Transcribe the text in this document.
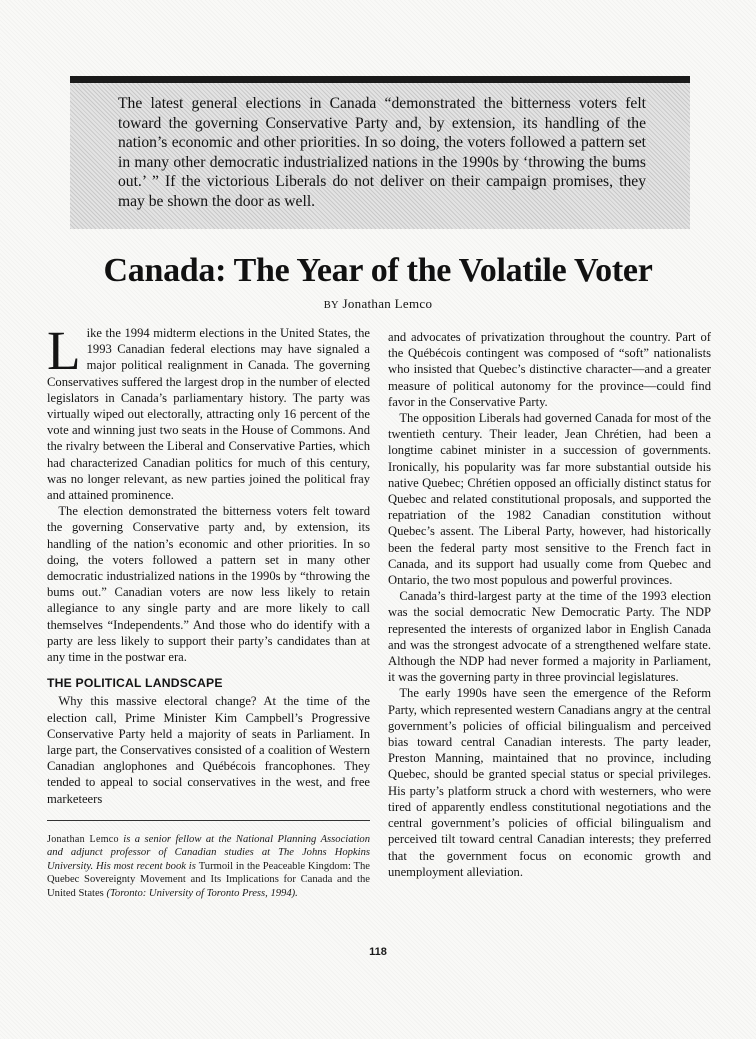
The latest general elections in Canada “demonstrated the bitterness voters felt toward the governing Conservative Party and, by extension, its handling of the nation’s economic and other priorities. In so doing, the voters followed a pattern set in many other democratic industrialized nations in the 1990s by ‘throwing the bums out.’ ” If the victorious Liberals do not deliver on their campaign promises, they may be shown the door as well.

Canada: The Year of the Volatile Voter

BY Jonathan Lemco

Like the 1994 midterm elections in the United States, the 1993 Canadian federal elections may have signaled a major political realignment in Canada. The governing Conservatives suffered the largest drop in the number of elected legislators in Canada’s parliamentary history. The party was virtually wiped out electorally, attracting only 16 percent of the vote and winning just two seats in the House of Commons. And the rivalry between the Liberal and Conservative Parties, which had characterized Canadian politics for much of this century, was no longer relevant, as new parties joined the political fray and attained prominence.

The election demonstrated the bitterness voters felt toward the governing Conservative party and, by extension, its handling of the nation’s economic and other priorities. In so doing, the voters followed a pattern set in many other democratic industrialized nations in the 1990s by “throwing the bums out.” Canadian voters are now less likely to retain allegiance to any single party and are more likely to call themselves “Independents.” And those who do identify with a party are less likely to support their party’s candidates than at any time in the postwar era.

THE POLITICAL LANDSCAPE

Why this massive electoral change? At the time of the election call, Prime Minister Kim Campbell’s Progressive Conservative Party held a majority of seats in Parliament. In large part, the Conservatives consisted of a coalition of Western Canadian anglophones and Québécois francophones. They tended to appeal to social conservatives in the west, and free marketeers

Jonathan Lemco is a senior fellow at the National Planning Association and adjunct professor of Canadian studies at The Johns Hopkins University. His most recent book is Turmoil in the Peaceable Kingdom: The Quebec Sovereignty Movement and Its Implications for Canada and the United States (Toronto: University of Toronto Press, 1994).

and advocates of privatization throughout the country. Part of the Québécois contingent was composed of “soft” nationalists who insisted that Quebec’s distinctive character—and a greater measure of political autonomy for the province—could find favor in the Conservative Party.

The opposition Liberals had governed Canada for most of the twentieth century. Their leader, Jean Chrétien, had been a longtime cabinet minister in a succession of governments. Ironically, his popularity was far more substantial outside his native Quebec; Chrétien opposed an officially distinct status for Quebec and related constitutional proposals, and supported the repatriation of the 1982 Canadian constitution without Quebec’s assent. The Liberal Party, however, had historically been the federal party most sensitive to the French fact in Canada, and its support had usually come from Quebec and Ontario, the two most populous and powerful provinces.

Canada’s third-largest party at the time of the 1993 election was the social democratic New Democratic Party. The NDP represented the interests of organized labor in English Canada and was the strongest advocate of a strengthened welfare state. Although the NDP had never formed a majority in Parliament, it was the governing party in three provincial legislatures.

The early 1990s have seen the emergence of the Reform Party, which represented western Canadians angry at the central government’s policies of official bilingualism and perceived bias toward central Canadian interests. The party leader, Preston Manning, maintained that no province, including Quebec, should be granted special status or special privileges. His party’s platform struck a chord with westerners, who were tired of apparently endless constitutional negotiations and the central government’s policies of official bilingualism and perceived tilt toward central Canadian interests; they preferred that the government focus on economic growth and unemployment alleviation.

118
